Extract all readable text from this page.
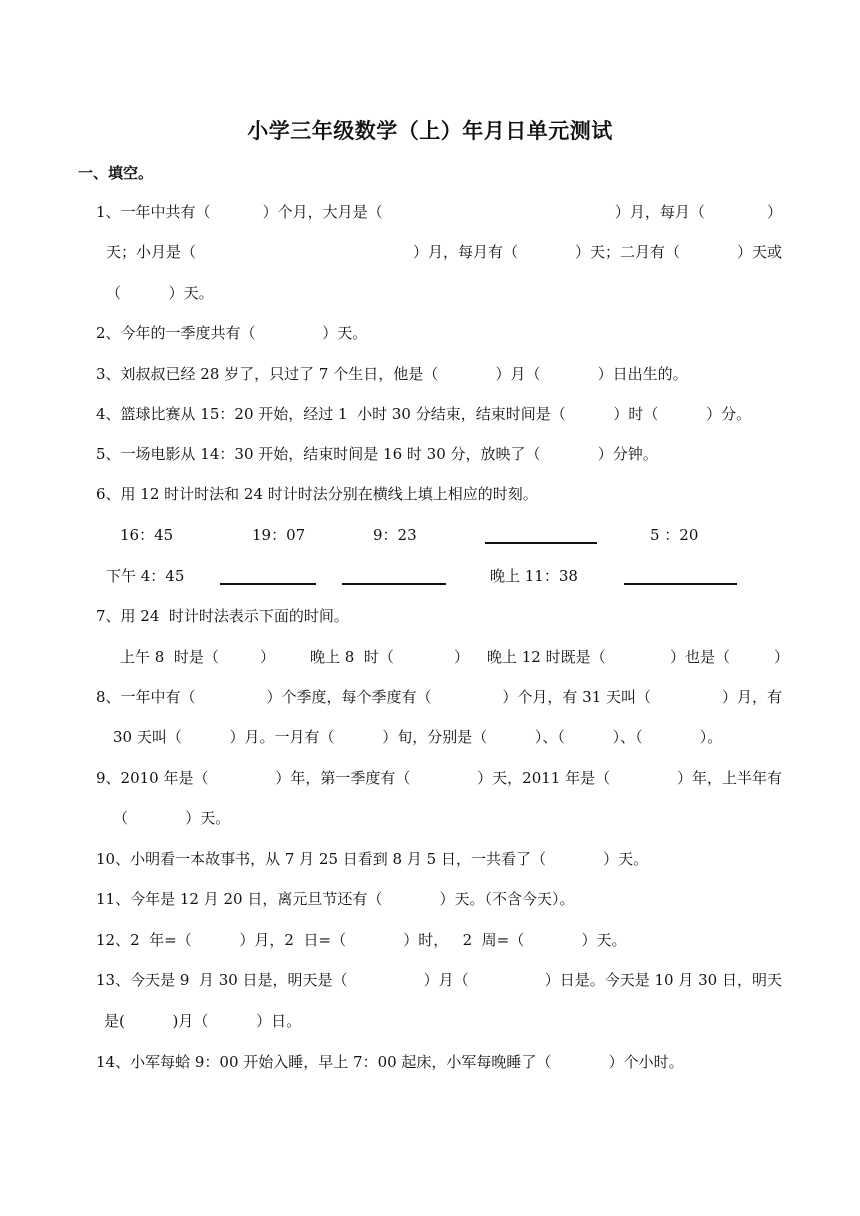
小学三年级数学（上）年月日单元测试
一、填空。
1、一年中共有（	）个月，大月是（	）月，每月（	）
天；小月是（	）月，每月有（	）天；二月有（	）天或
（          ）天。
2、今年的一季度共有（              ）天。
3、刘叔叔已经 28 岁了，只过了 7 个生日，他是（            ）月（            ）日出生的。
4、篮球比赛从 15：20 开始，经过 1  小时 30 分结束，结束时间是（          ）时（          ）分。
5、一场电影从 14：30 开始，结束时间是 16 时 30 分，放映了（            ）分钟。
6、用 12 时计时法和 24 时计时法分别在横线上填上相应的时刻。

16：45

	19：07

	9：23

	5 ：20

下午 4：45

	晚上 11：38

7、用 24  时计时法表示下面的时间。

上午 8  时是（

	）

晚上 8  时（

	）

晚上 12 时既是（

	）也是（

	）

8、一年中有（	）个季度，每个季度有（	）个月，有 31 天叫（	）月，有
30 天叫（          ）月。一月有（          ）旬，分别是（          ）、（          ）、（            ）。
9、2010 年是（	）年，第一季度有（	）天，2011 年是（	）年，上半年有
（            ）天。
10、小明看一本故事书，从 7 月 25 日看到 8 月 5 日，一共看了（            ）天。
11、今年是 12 月 20 日，离元旦节还有（            ）天。（不含今天）。
12、2  年=（          ）月，2  日=（            ）时，   2  周=（            ）天。
13、今天是 9  月 30 日是，明天是（	）月（	）日是。今天是 10 月 30 日，明天
是(          )月（          ）日。
14、小军每蛤 9：00 开始入睡，早上 7：00 起床，小军每晚睡了（            ）个小时。
